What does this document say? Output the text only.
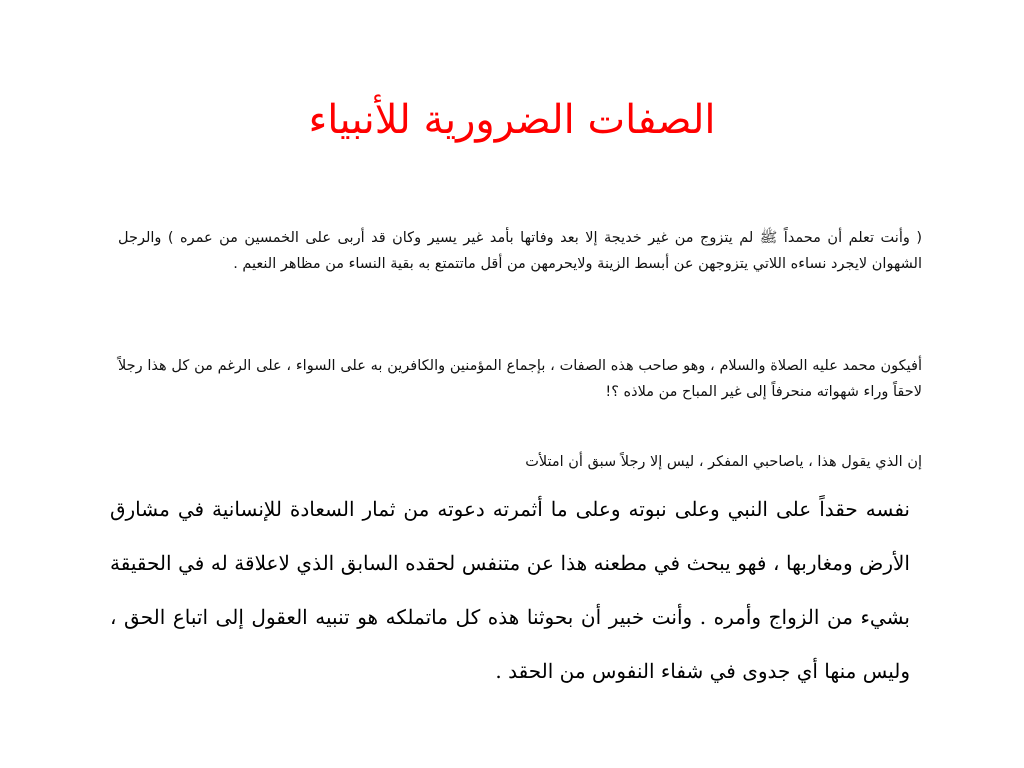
الصفات الضرورية للأنبياء

( وأنت تعلم أن محمداً ﷺ لم يتزوج من غير خديجة إلا بعد وفاتها بأمد غير يسير وكان قد أربى على الخمسين من عمره ) والرجل الشهوان لايجرد نساءه اللاتي يتزوجهن عن أبسط الزينة ولايحرمهن من أقل ماتتمتع به بقية النساء من مظاهر النعيم .

أفيكون محمد عليه الصلاة والسلام ، وهو صاحب هذه الصفات ، بإجماع المؤمنين والكافرين به على السواء ، على الرغم من كل هذا رجلاً لاحقاً وراء شهواته منحرفاً إلى غير المباح من ملاذه ؟!

إن الذي يقول هذا ، ياصاحبي المفكر ، ليس إلا رجلاً سبق أن امتلأت

نفسه حقداً على النبي وعلى نبوته وعلى ما أثمرته دعوته من ثمار السعادة للإنسانية في مشارق الأرض ومغاربها ، فهو يبحث في مطعنه هذا عن متنفس لحقده السابق الذي لاعلاقة له في الحقيقة بشيء من الزواج وأمره . وأنت خبير أن بحوثنا هذه كل ماتملكه هو تنبيه العقول إلى اتباع الحق ، وليس منها أي جدوى في شفاء النفوس من الحقد .
